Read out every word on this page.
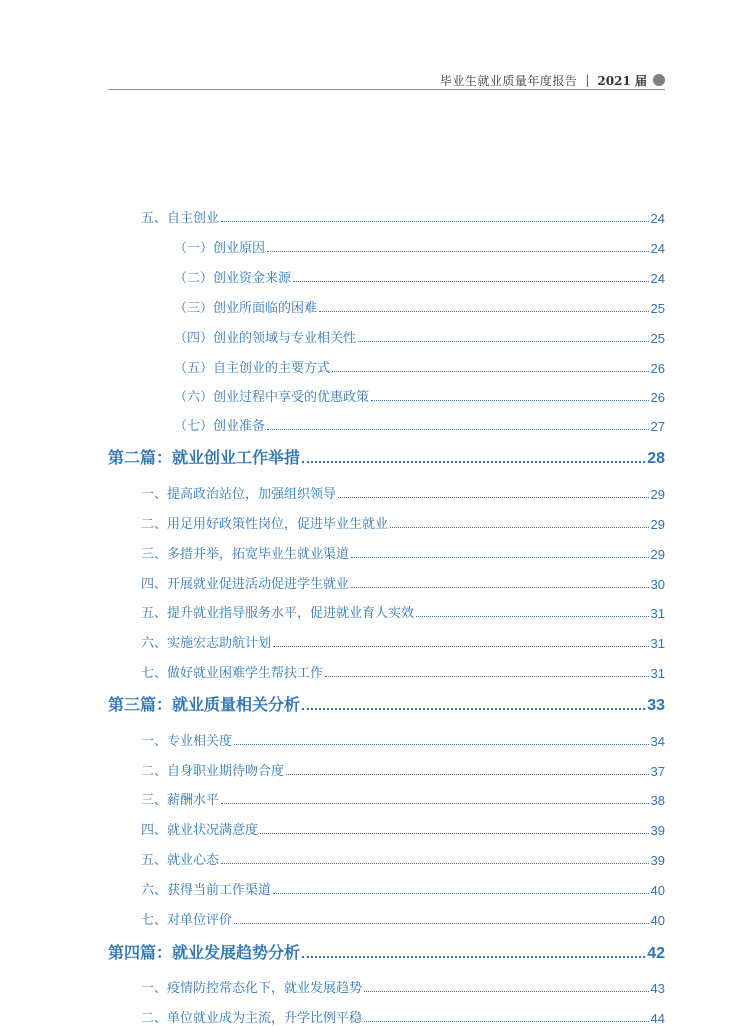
毕业生就业质量年度报告 | 2021 届
五、自主创业	24
（一）创业原因	24
（二）创业资金来源	24
（三）创业所面临的困难	25
（四）创业的领域与专业相关性	25
（五）自主创业的主要方式	26
（六）创业过程中享受的优惠政策	26
（七）创业准备	27
第二篇：就业创业工作举措	28
一、提高政治站位，加强组织领导	29
二、用足用好政策性岗位，促进毕业生就业	29
三、多措并举，拓宽毕业生就业渠道	29
四、开展就业促进活动促进学生就业	30
五、提升就业指导服务水平，促进就业育人实效	31
六、实施宏志助航计划	31
七、做好就业困难学生帮扶工作	31
第三篇：就业质量相关分析	33
一、专业相关度	34
二、自身职业期待吻合度	37
三、薪酬水平	38
四、就业状况满意度	39
五、就业心态	39
六、获得当前工作渠道	40
七、对单位评价	40
第四篇：就业发展趋势分析	42
一、疫情防控常态化下，就业发展趋势	43
二、单位就业成为主流，升学比例平稳	44
